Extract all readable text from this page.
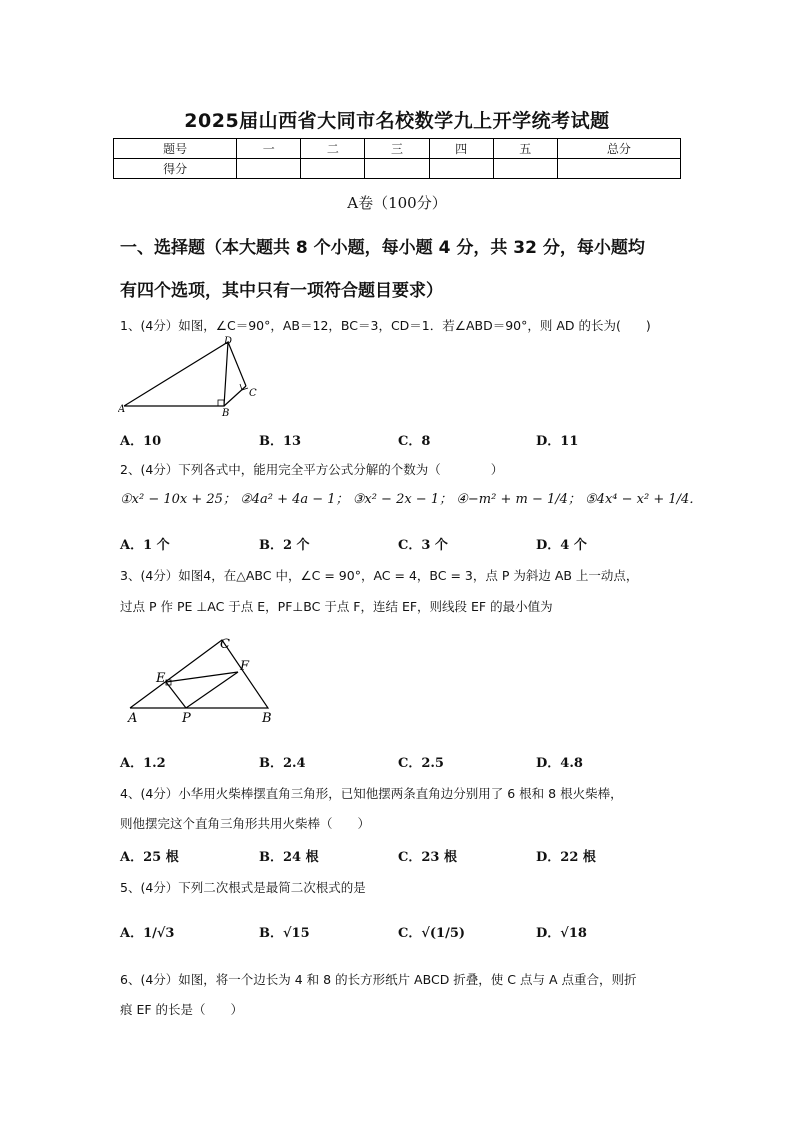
2025届山西省大同市名校数学九上开学统考试题
题号	一	二	三	四	五	总分
得分						
A卷（100分）
一、选择题（本大题共 8 个小题，每小题 4 分，共 32 分，每小题均
有四个选项，其中只有一项符合题目要求）
1、(4分）如图，∠C＝90°，AB＝12，BC＝3，CD＝1．若∠ABD＝90°，则 AD 的长为(　　)
A	B
C
D
A．10	B．13	C．8	D．11
2、(4分）下列各式中，能用完全平方公式分解的个数为（　　　　）
①x² − 10x + 25； ②4a² + 4a − 1； ③x² − 2x − 1； ④−m² + m − 1/4； ⑤4x⁴ − x² + 1/4．
A．1 个	B．2 个	C．3 个	D．4 个
3、(4分）如图4，在△ABC 中，∠C = 90°，AC = 4，BC = 3，点 P 为斜边 AB 上一动点，
过点 P 作 PE ⊥AC 于点 E，PF⊥BC 于点 F，连结 EF，则线段 EF 的最小值为
C
E
F
A	P	B
A．1.2	B．2.4	C．2.5	D．4.8
4、(4分）小华用火柴棒摆直角三角形，已知他摆两条直角边分别用了 6 根和 8 根火柴棒，
则他摆完这个直角三角形共用火柴棒（　　）
A．25 根	B．24 根	C．23 根	D．22 根
5、(4分）下列二次根式是最简二次根式的是
A．1/√3	B．√15	C．√(1/5)	D．√18
6、(4分）如图，将一个边长为 4 和 8 的长方形纸片 ABCD 折叠，使 C 点与 A 点重合，则折
痕 EF 的长是（　　）
